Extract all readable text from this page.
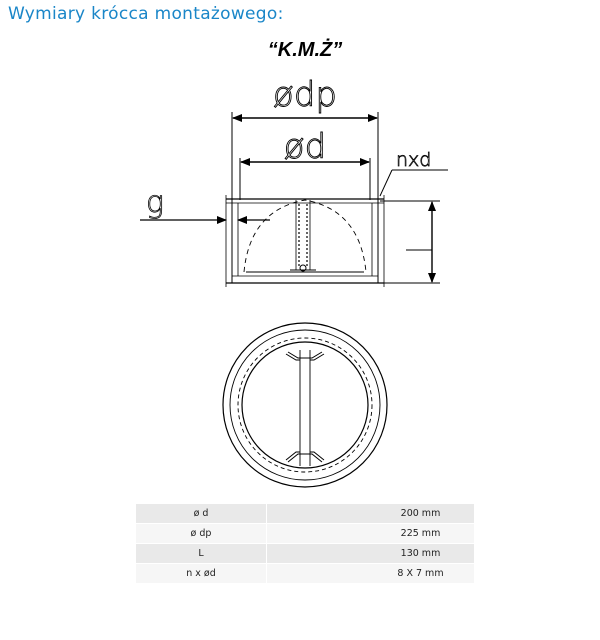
Wymiary krócca montażowego:
“K.M.Ż”
ødp
ød	nxd
g
ø d	200 mm
ø dp	225 mm
L	130 mm
n x ød	8 X 7 mm
